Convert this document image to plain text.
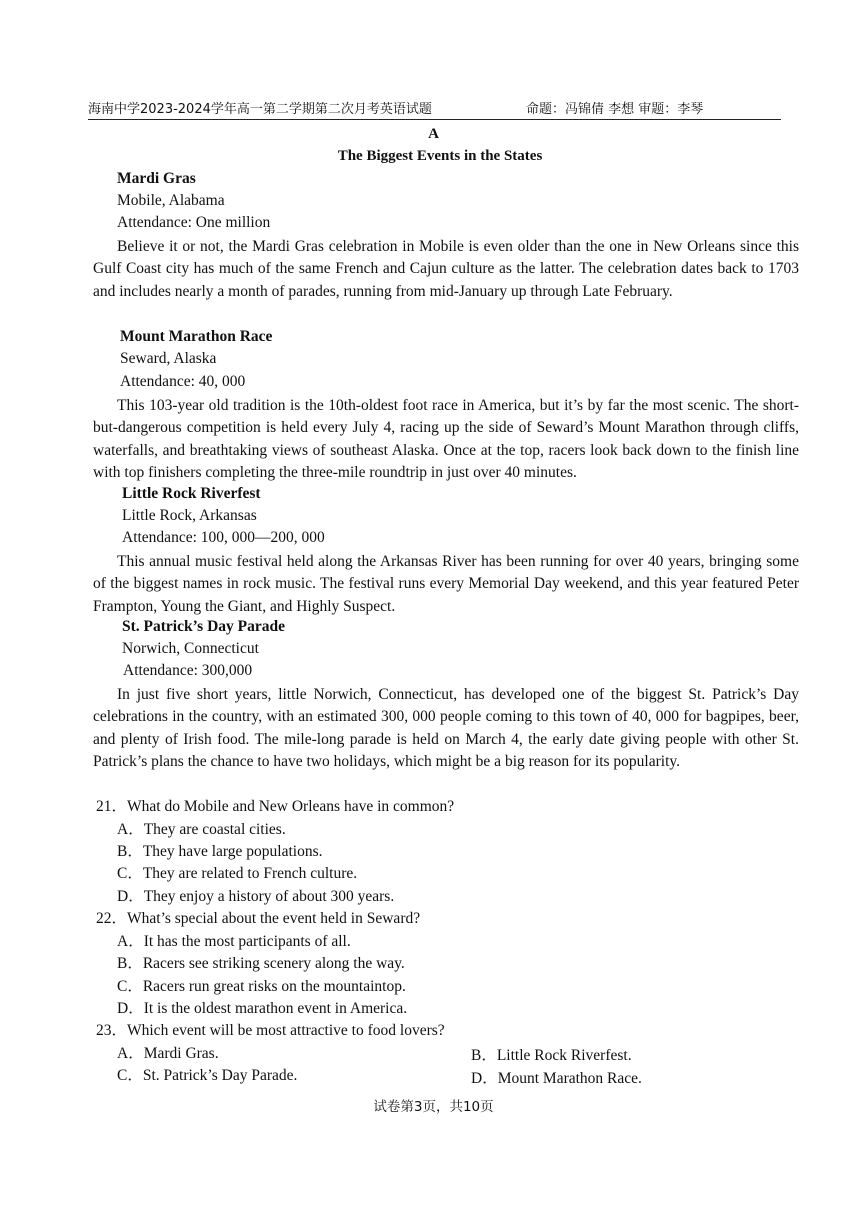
海南中学2023-2024学年高一第二学期第二次月考英语试题	命题：冯锦倩 李想 审题：李琴
A
The Biggest Events in the States
Mardi Gras
Mobile, Alabama
Attendance: One million
Believe it or not, the Mardi Gras celebration in Mobile is even older than the one in New Orleans since this Gulf Coast city has much of the same French and Cajun culture as the latter. The celebration dates back to 1703 and includes nearly a month of parades, running from mid-January up through Late February.
Mount Marathon Race
Seward, Alaska
Attendance: 40, 000
This 103-year old tradition is the 10th-oldest foot race in America, but it’s by far the most scenic. The short-but-dangerous competition is held every July 4, racing up the side of Seward’s Mount Marathon through cliffs, waterfalls, and breathtaking views of southeast Alaska. Once at the top, racers look back down to the finish line with top finishers completing the three-mile roundtrip in just over 40 minutes.
Little Rock Riverfest
Little Rock, Arkansas
Attendance: 100, 000—200, 000
This annual music festival held along the Arkansas River has been running for over 40 years, bringing some of the biggest names in rock music. The festival runs every Memorial Day weekend, and this year featured Peter Frampton, Young the Giant, and Highly Suspect.
St. Patrick’s Day Parade
Norwich, Connecticut
Attendance: 300,000
In just five short years, little Norwich, Connecticut, has developed one of the biggest St. Patrick’s Day celebrations in the country, with an estimated 300, 000 people coming to this town of 40, 000 for bagpipes, beer, and plenty of Irish food. The mile-long parade is held on March 4, the early date giving people with other St. Patrick’s plans the chance to have two holidays, which might be a big reason for its popularity.
21．What do Mobile and New Orleans have in common?
A．They are coastal cities.
B．They have large populations.
C．They are related to French culture.
D．They enjoy a history of about 300 years.
22．What’s special about the event held in Seward?
A．It has the most participants of all.
B．Racers see striking scenery along the way.
C．Racers run great risks on the mountaintop.
D．It is the oldest marathon event in America.
23．Which event will be most attractive to food lovers?
A．Mardi Gras.	B．Little Rock Riverfest.
C．St. Patrick’s Day Parade.	D．Mount Marathon Race.
试卷第3页，共10页
